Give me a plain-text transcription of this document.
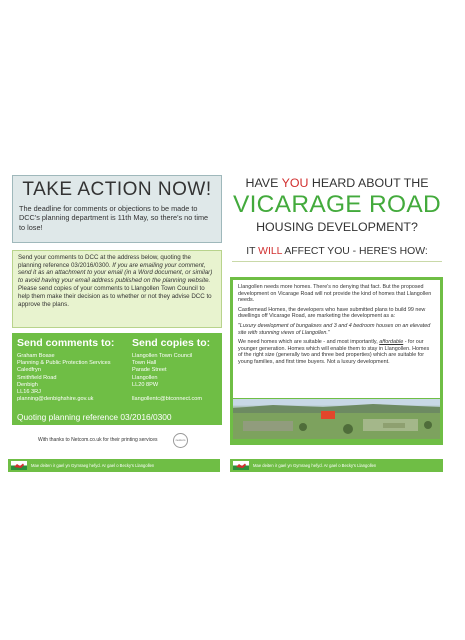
TAKE ACTION NOW!
The deadline for comments or objections to be made to DCC's planning department is 11th May, so there's no time to lose!

Send your comments to DCC at the address below, quoting the planning reference 03/2016/0300. If you are emailing your comment, send it as an attachment to your email (in a Word document, or similar) to avoid having your email address published on the planning website.

Please send copies of your comments to Llangollen Town Council to help them make their decision as to whether or not they advise DCC to approve the plans.

Send comments to:
Graham Boase
Planning & Public Protection Services
Caledfryn
Smithfield Road
Denbigh
LL16 3RJ
planning@denbighshire.gov.uk
Send copies to:
Llangollen Town Council
Town Hall
Parade Street
Llangollen
LL20 8PW
llangollentc@btconnect.com
Quoting planning reference 03/2016/0300
With thanks to Netcom.co.uk for their printing services	netcom
HAVE YOU HEARD ABOUT THE
VICARAGE ROAD
HOUSING DEVELOPMENT?
IT WILL AFFECT YOU - HERE'S HOW:

Llangollen needs more homes. There's no denying that fact. But the proposed development on Vicarage Road will not provide the kind of homes that Llangollen needs.

Castlemead Homes, the developers who have submitted plans to build 99 new dwellings off Vicarage Road, are marketing the development as a:

"Luxury development of bungalows and 3 and 4 bedroom houses on an elevated site with stunning views of Llangollen."

We need homes which are suitable - and most importantly, affordable - for our younger generation. Homes which will enable them to stay in Llangollen. Homes of the right size (generally two and three bed properties) which are suitable for young families, and first time buyers. Not a luxury development.

Mae deiten ir gael yn Gymraeg hefyd. Ar gael o Becky's Llangollen	Mae deiten ir gael yn Gymraeg hefyd. Ar gael o Becky's Llangollen
